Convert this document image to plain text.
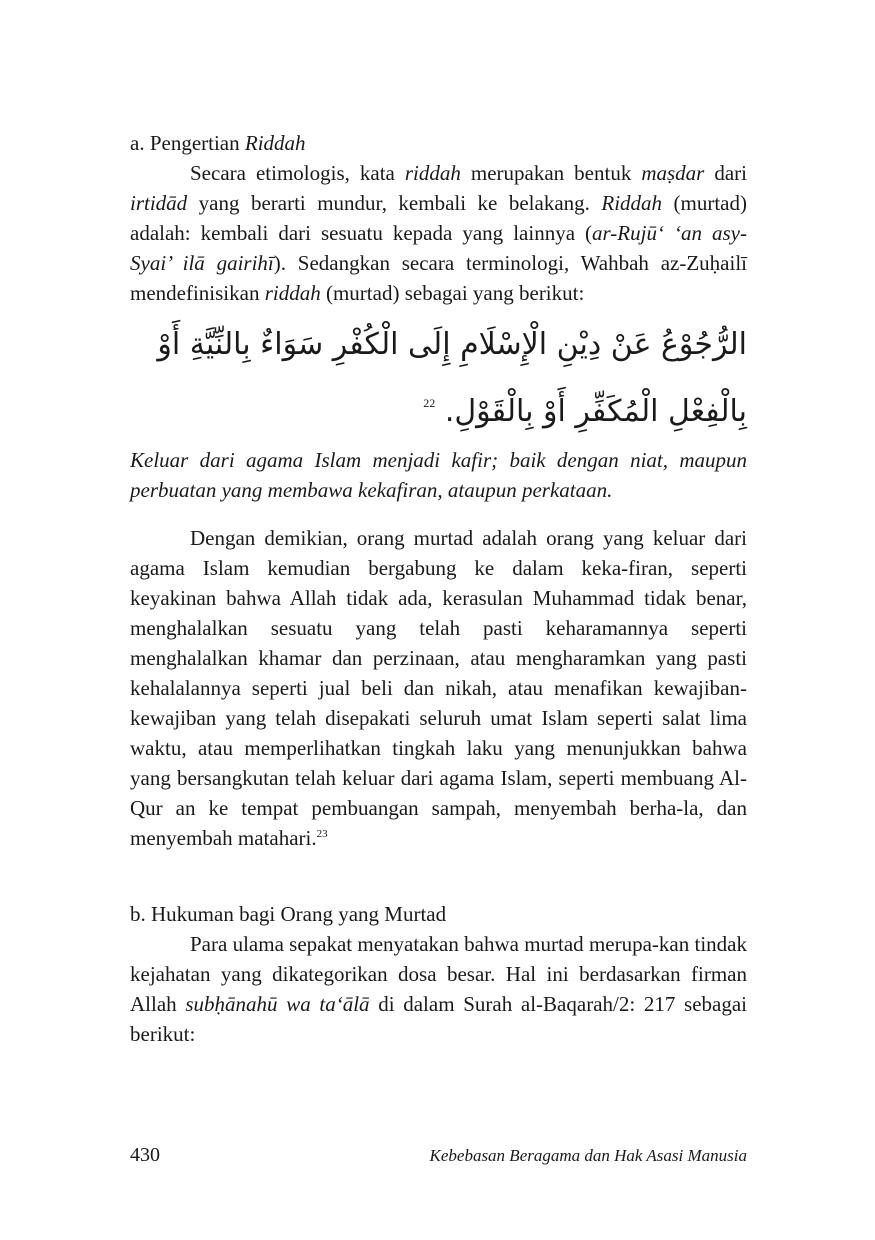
a. Pengertian Riddah

Secara etimologis, kata riddah merupakan bentuk maṣdar dari irtidād yang berarti mundur, kembali ke belakang. Riddah (murtad) adalah: kembali dari sesuatu kepada yang lainnya (ar-Rujū‘ ‘an asy-Syai’ ilā gairihī). Sedangkan secara terminologi, Wahbah az-Zuḥailī mendefinisikan riddah (murtad) sebagai yang berikut:

الرُّجُوْعُ عَنْ دِيْنِ الْإِسْلَامِ إِلَى الْكُفْرِ سَوَاءٌ بِالنِّيَّةِ أَوْ بِالْفِعْلِ الْمُكَفِّرِ أَوْ بِالْقَوْلِ. $^{22}$
Keluar dari agama Islam menjadi kafir; baik dengan niat, maupun perbuatan yang membawa kekafiran, ataupun perkataan.

Dengan demikian, orang murtad adalah orang yang keluar dari agama Islam kemudian bergabung ke dalam keka-firan, seperti keyakinan bahwa Allah tidak ada, kerasulan Muhammad tidak benar, menghalalkan sesuatu yang telah pasti keharamannya seperti menghalalkan khamar dan perzinaan, atau mengharamkan yang pasti kehalalannya seperti jual beli dan nikah, atau menafikan kewajiban-kewajiban yang telah disepakati seluruh umat Islam seperti salat lima waktu, atau memperlihatkan tingkah laku yang menunjukkan bahwa yang bersangkutan telah keluar dari agama Islam, seperti membuang Al-Qur an ke tempat pembuangan sampah, menyembah berha-la, dan menyembah matahari.$^{23}$

b. Hukuman bagi Orang yang Murtad

Para ulama sepakat menyatakan bahwa murtad merupa-kan tindak kejahatan yang dikategorikan dosa besar. Hal ini berdasarkan firman Allah subḥānahū wa ta‘ālā di dalam Surah al-Baqarah/2: 217 sebagai berikut:

430	Kebebasan Beragama dan Hak Asasi Manusia
